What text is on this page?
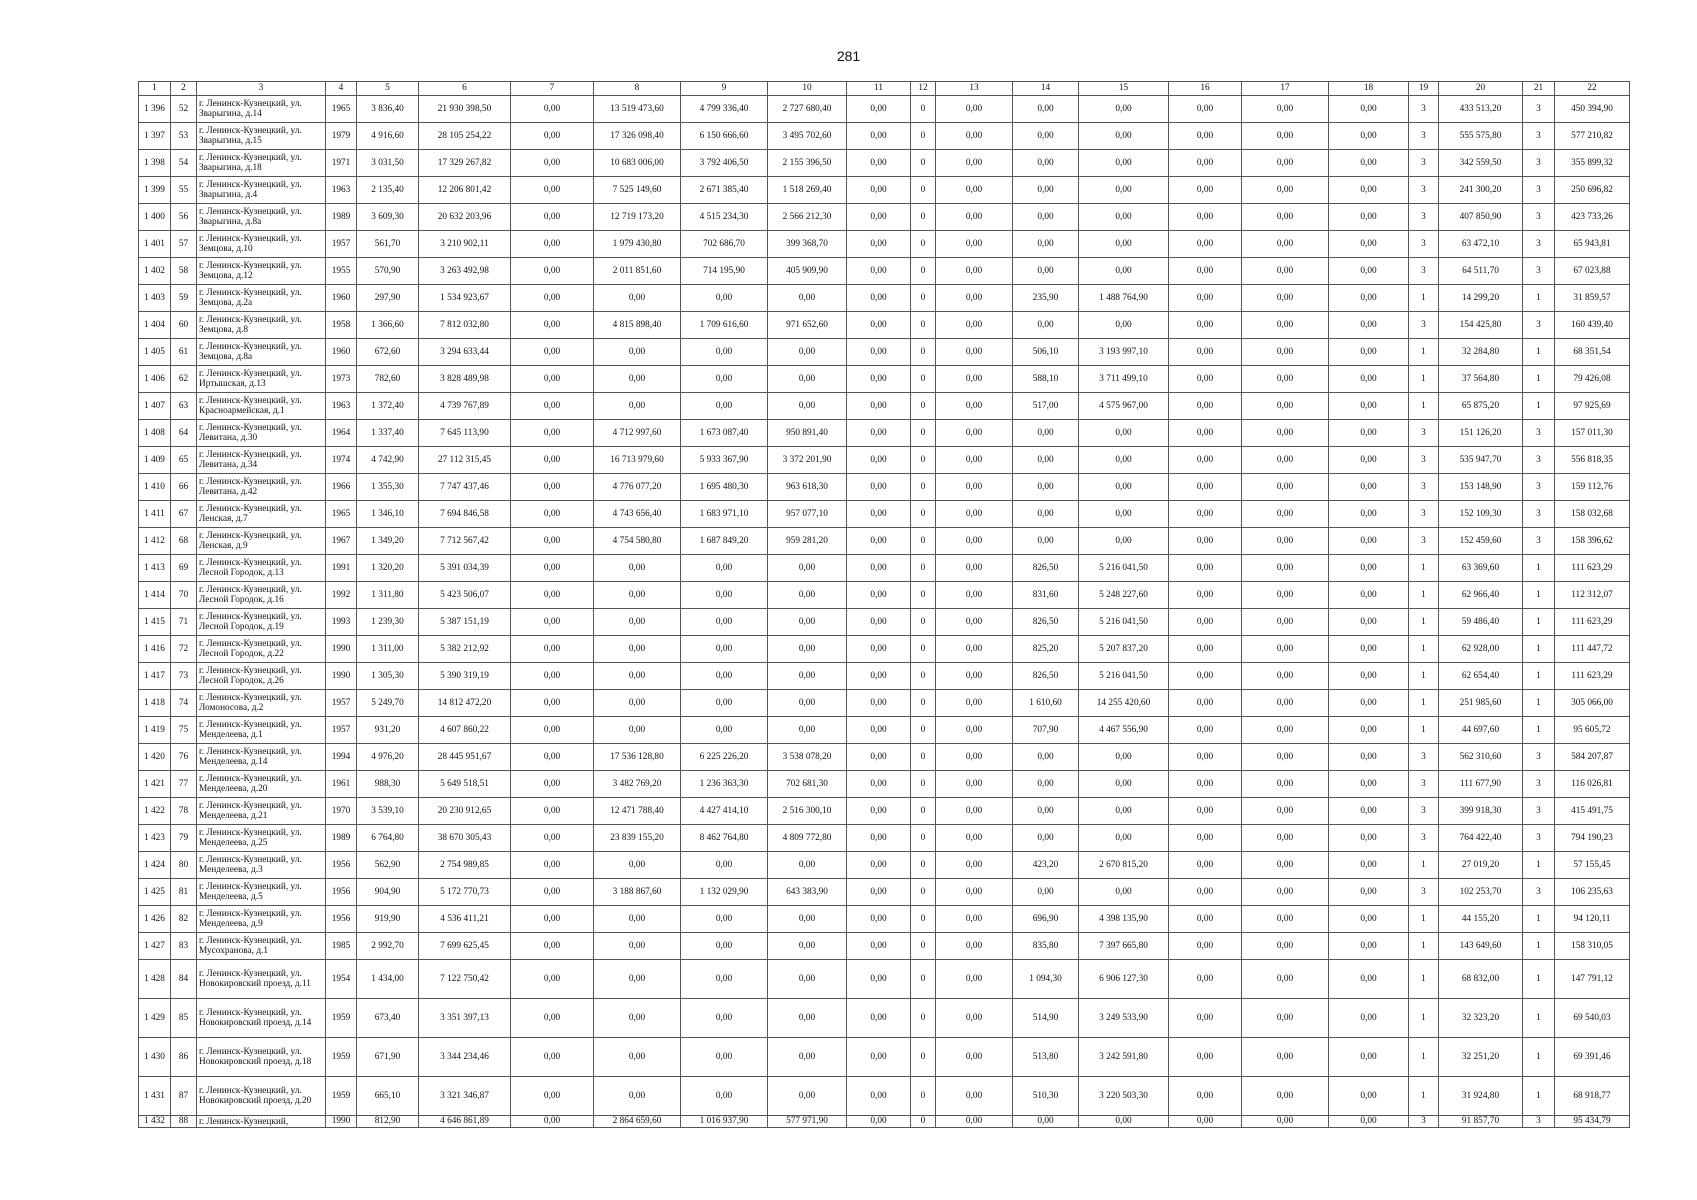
281
1	2	3	4	5	6	7	8	9	10	11	12	13	14	15	16	17	18	19	20	21	22
1 396	52	г. Ленинск-Кузнецкий, ул. Зварыгина, д.14	1965	3 836,40	21 930 398,50	0,00	13 519 473,60	4 799 336,40	2 727 680,40	0,00	0	0,00	0,00	0,00	0,00	0,00	0,00	3	433 513,20	3	450 394,90
1 397	53	г. Ленинск-Кузнецкий, ул. Зварыгина, д.15	1979	4 916,60	28 105 254,22	0,00	17 326 098,40	6 150 666,60	3 495 702,60	0,00	0	0,00	0,00	0,00	0,00	0,00	0,00	3	555 575,80	3	577 210,82
1 398	54	г. Ленинск-Кузнецкий, ул. Зварыгина, д.18	1971	3 031,50	17 329 267,82	0,00	10 683 006,00	3 792 406,50	2 155 396,50	0,00	0	0,00	0,00	0,00	0,00	0,00	0,00	3	342 559,50	3	355 899,32
1 399	55	г. Ленинск-Кузнецкий, ул. Зварыгина, д.4	1963	2 135,40	12 206 801,42	0,00	7 525 149,60	2 671 385,40	1 518 269,40	0,00	0	0,00	0,00	0,00	0,00	0,00	0,00	3	241 300,20	3	250 696,82
1 400	56	г. Ленинск-Кузнецкий, ул. Зварыгина, д.8а	1989	3 609,30	20 632 203,96	0,00	12 719 173,20	4 515 234,30	2 566 212,30	0,00	0	0,00	0,00	0,00	0,00	0,00	0,00	3	407 850,90	3	423 733,26
1 401	57	г. Ленинск-Кузнецкий, ул. Земцова, д.10	1957	561,70	3 210 902,11	0,00	1 979 430,80	702 686,70	399 368,70	0,00	0	0,00	0,00	0,00	0,00	0,00	0,00	3	63 472,10	3	65 943,81
1 402	58	г. Ленинск-Кузнецкий, ул. Земцова, д.12	1955	570,90	3 263 492,98	0,00	2 011 851,60	714 195,90	405 909,90	0,00	0	0,00	0,00	0,00	0,00	0,00	0,00	3	64 511,70	3	67 023,88
1 403	59	г. Ленинск-Кузнецкий, ул. Земцова, д.2а	1960	297,90	1 534 923,67	0,00	0,00	0,00	0,00	0,00	0	0,00	235,90	1 488 764,90	0,00	0,00	0,00	1	14 299,20	1	31 859,57
1 404	60	г. Ленинск-Кузнецкий, ул. Земцова, д.8	1958	1 366,60	7 812 032,80	0,00	4 815 898,40	1 709 616,60	971 652,60	0,00	0	0,00	0,00	0,00	0,00	0,00	0,00	3	154 425,80	3	160 439,40
1 405	61	г. Ленинск-Кузнецкий, ул. Земцова, д.8а	1960	672,60	3 294 633,44	0,00	0,00	0,00	0,00	0,00	0	0,00	506,10	3 193 997,10	0,00	0,00	0,00	1	32 284,80	1	68 351,54
1 406	62	г. Ленинск-Кузнецкий, ул. Иртышская, д.13	1973	782,60	3 828 489,98	0,00	0,00	0,00	0,00	0,00	0	0,00	588,10	3 711 499,10	0,00	0,00	0,00	1	37 564,80	1	79 426,08
1 407	63	г. Ленинск-Кузнецкий, ул. Красноармейская, д.1	1963	1 372,40	4 739 767,89	0,00	0,00	0,00	0,00	0,00	0	0,00	517,00	4 575 967,00	0,00	0,00	0,00	1	65 875,20	1	97 925,69
1 408	64	г. Ленинск-Кузнецкий, ул. Левитана, д.30	1964	1 337,40	7 645 113,90	0,00	4 712 997,60	1 673 087,40	950 891,40	0,00	0	0,00	0,00	0,00	0,00	0,00	0,00	3	151 126,20	3	157 011,30
1 409	65	г. Ленинск-Кузнецкий, ул. Левитана, д.34	1974	4 742,90	27 112 315,45	0,00	16 713 979,60	5 933 367,90	3 372 201,90	0,00	0	0,00	0,00	0,00	0,00	0,00	0,00	3	535 947,70	3	556 818,35
1 410	66	г. Ленинск-Кузнецкий, ул. Левитана, д.42	1966	1 355,30	7 747 437,46	0,00	4 776 077,20	1 695 480,30	963 618,30	0,00	0	0,00	0,00	0,00	0,00	0,00	0,00	3	153 148,90	3	159 112,76
1 411	67	г. Ленинск-Кузнецкий, ул. Ленская, д.7	1965	1 346,10	7 694 846,58	0,00	4 743 656,40	1 683 971,10	957 077,10	0,00	0	0,00	0,00	0,00	0,00	0,00	0,00	3	152 109,30	3	158 032,68
1 412	68	г. Ленинск-Кузнецкий, ул. Ленская, д.9	1967	1 349,20	7 712 567,42	0,00	4 754 580,80	1 687 849,20	959 281,20	0,00	0	0,00	0,00	0,00	0,00	0,00	0,00	3	152 459,60	3	158 396,62
1 413	69	г. Ленинск-Кузнецкий, ул. Лесной Городок, д.13	1991	1 320,20	5 391 034,39	0,00	0,00	0,00	0,00	0,00	0	0,00	826,50	5 216 041,50	0,00	0,00	0,00	1	63 369,60	1	111 623,29
1 414	70	г. Ленинск-Кузнецкий, ул. Лесной Городок, д.16	1992	1 311,80	5 423 506,07	0,00	0,00	0,00	0,00	0,00	0	0,00	831,60	5 248 227,60	0,00	0,00	0,00	1	62 966,40	1	112 312,07
1 415	71	г. Ленинск-Кузнецкий, ул. Лесной Городок, д.19	1993	1 239,30	5 387 151,19	0,00	0,00	0,00	0,00	0,00	0	0,00	826,50	5 216 041,50	0,00	0,00	0,00	1	59 486,40	1	111 623,29
1 416	72	г. Ленинск-Кузнецкий, ул. Лесной Городок, д.22	1990	1 311,00	5 382 212,92	0,00	0,00	0,00	0,00	0,00	0	0,00	825,20	5 207 837,20	0,00	0,00	0,00	1	62 928,00	1	111 447,72
1 417	73	г. Ленинск-Кузнецкий, ул. Лесной Городок, д.26	1990	1 305,30	5 390 319,19	0,00	0,00	0,00	0,00	0,00	0	0,00	826,50	5 216 041,50	0,00	0,00	0,00	1	62 654,40	1	111 623,29
1 418	74	г. Ленинск-Кузнецкий, ул. Ломоносова, д.2	1957	5 249,70	14 812 472,20	0,00	0,00	0,00	0,00	0,00	0	0,00	1 610,60	14 255 420,60	0,00	0,00	0,00	1	251 985,60	1	305 066,00
1 419	75	г. Ленинск-Кузнецкий, ул. Менделеева, д.1	1957	931,20	4 607 860,22	0,00	0,00	0,00	0,00	0,00	0	0,00	707,90	4 467 556,90	0,00	0,00	0,00	1	44 697,60	1	95 605,72
1 420	76	г. Ленинск-Кузнецкий, ул. Менделеева, д.14	1994	4 976,20	28 445 951,67	0,00	17 536 128,80	6 225 226,20	3 538 078,20	0,00	0	0,00	0,00	0,00	0,00	0,00	0,00	3	562 310,60	3	584 207,87
1 421	77	г. Ленинск-Кузнецкий, ул. Менделеева, д.20	1961	988,30	5 649 518,51	0,00	3 482 769,20	1 236 363,30	702 681,30	0,00	0	0,00	0,00	0,00	0,00	0,00	0,00	3	111 677,90	3	116 026,81
1 422	78	г. Ленинск-Кузнецкий, ул. Менделеева, д.21	1970	3 539,10	20 230 912,65	0,00	12 471 788,40	4 427 414,10	2 516 300,10	0,00	0	0,00	0,00	0,00	0,00	0,00	0,00	3	399 918,30	3	415 491,75
1 423	79	г. Ленинск-Кузнецкий, ул. Менделеева, д.25	1989	6 764,80	38 670 305,43	0,00	23 839 155,20	8 462 764,80	4 809 772,80	0,00	0	0,00	0,00	0,00	0,00	0,00	0,00	3	764 422,40	3	794 190,23
1 424	80	г. Ленинск-Кузнецкий, ул. Менделеева, д.3	1956	562,90	2 754 989,85	0,00	0,00	0,00	0,00	0,00	0	0,00	423,20	2 670 815,20	0,00	0,00	0,00	1	27 019,20	1	57 155,45
1 425	81	г. Ленинск-Кузнецкий, ул. Менделеева, д.5	1956	904,90	5 172 770,73	0,00	3 188 867,60	1 132 029,90	643 383,90	0,00	0	0,00	0,00	0,00	0,00	0,00	0,00	3	102 253,70	3	106 235,63
1 426	82	г. Ленинск-Кузнецкий, ул. Менделеева, д.9	1956	919,90	4 536 411,21	0,00	0,00	0,00	0,00	0,00	0	0,00	696,90	4 398 135,90	0,00	0,00	0,00	1	44 155,20	1	94 120,11
1 427	83	г. Ленинск-Кузнецкий, ул. Мусохранова, д.1	1985	2 992,70	7 699 625,45	0,00	0,00	0,00	0,00	0,00	0	0,00	835,80	7 397 665,80	0,00	0,00	0,00	1	143 649,60	1	158 310,05
1 428	84	г. Ленинск-Кузнецкий, ул. Новокировский проезд, д.11	1954	1 434,00	7 122 750,42	0,00	0,00	0,00	0,00	0,00	0	0,00	1 094,30	6 906 127,30	0,00	0,00	0,00	1	68 832,00	1	147 791,12
1 429	85	г. Ленинск-Кузнецкий, ул. Новокировский проезд, д.14	1959	673,40	3 351 397,13	0,00	0,00	0,00	0,00	0,00	0	0,00	514,90	3 249 533,90	0,00	0,00	0,00	1	32 323,20	1	69 540,03
1 430	86	г. Ленинск-Кузнецкий, ул. Новокировский проезд, д.18	1959	671,90	3 344 234,46	0,00	0,00	0,00	0,00	0,00	0	0,00	513,80	3 242 591,80	0,00	0,00	0,00	1	32 251,20	1	69 391,46
1 431	87	г. Ленинск-Кузнецкий, ул. Новокировский проезд, д.20	1959	665,10	3 321 346,87	0,00	0,00	0,00	0,00	0,00	0	0,00	510,30	3 220 503,30	0,00	0,00	0,00	1	31 924,80	1	68 918,77
1 432	88	г. Ленинск-Кузнецкий,	1990	812,90	4 646 861,89	0,00	2 864 659,60	1 016 937,90	577 971,90	0,00	0	0,00	0,00	0,00	0,00	0,00	0,00	3	91 857,70	3	95 434,79
